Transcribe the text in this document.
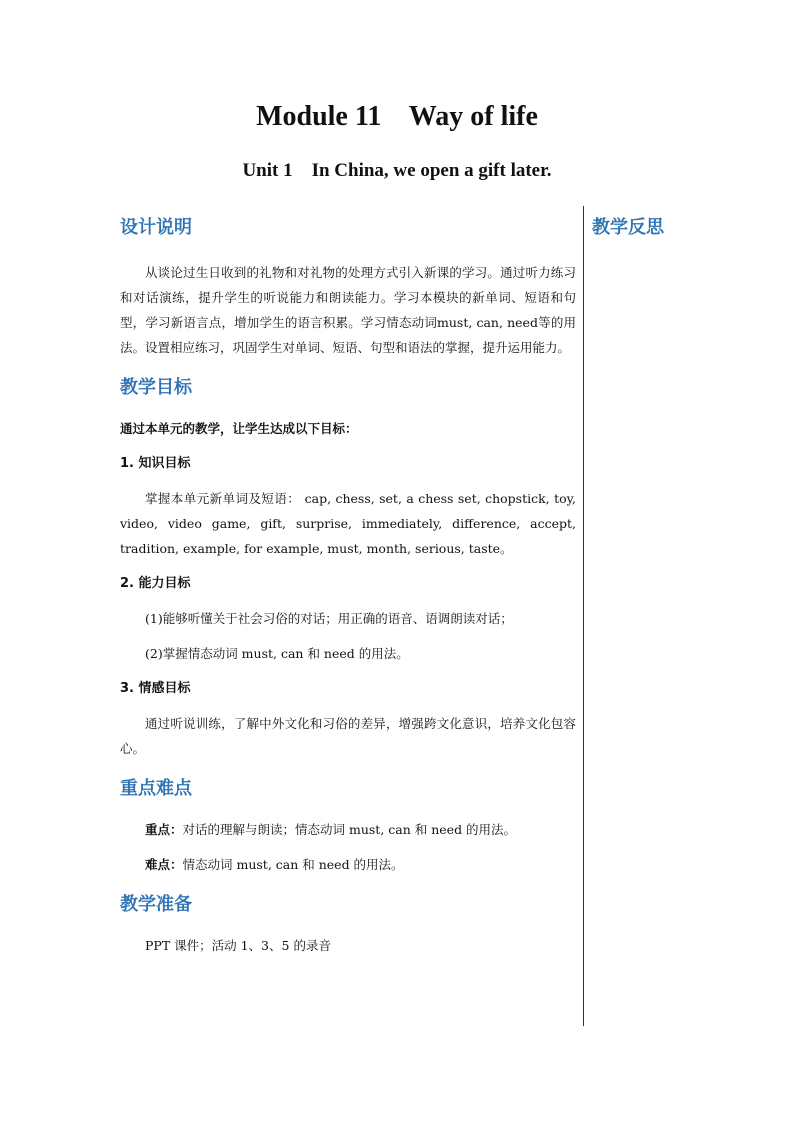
Module 11    Way of life
Unit 1    In China, we open a gift later.
教学反思
设计说明

从谈论过生日收到的礼物和对礼物的处理方式引入新课的学习。通过听力练习和对话演练，提升学生的听说能力和朗读能力。学习本模块的新单词、短语和句型，学习新语言点，增加学生的语言积累。学习情态动词must, can, need等的用法。设置相应练习，巩固学生对单词、短语、句型和语法的掌握，提升运用能力。

教学目标

通过本单元的教学，让学生达成以下目标：

1. 知识目标

掌握本单元新单词及短语： cap, chess, set, a chess set, chopstick, toy, video, video game, gift, surprise, immediately, difference, accept, tradition, example, for example, must, month, serious, taste。

2. 能力目标

(1)能够听懂关于社会习俗的对话；用正确的语音、语调朗读对话；

(2)掌握情态动词 must, can 和 need 的用法。

3. 情感目标

通过听说训练，了解中外文化和习俗的差异，增强跨文化意识，培养文化包容心。

重点难点

重点：对话的理解与朗读；情态动词 must, can 和 need 的用法。

难点：情态动词 must, can 和 need 的用法。

教学准备

PPT 课件；活动 1、3、5 的录音
